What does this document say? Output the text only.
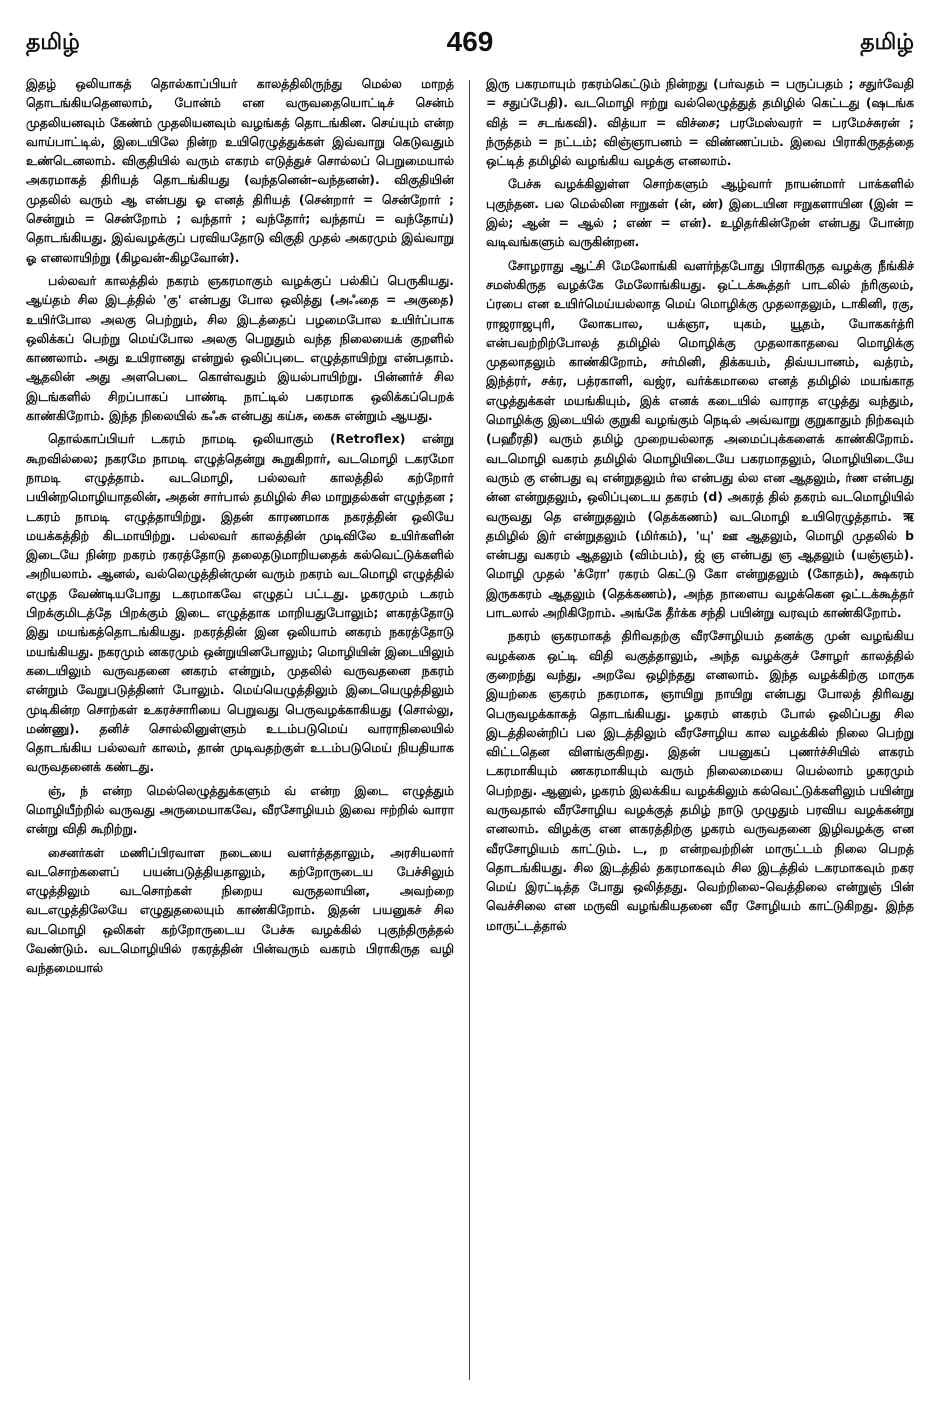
தமிழ்	469	தமிழ்

இதழ் ஒலியாகத் தொல்காப்பியர் காலத்திலிருந்து மெல்ல மாறத் தொடங்கியதெனலாம், போன்ம் என வருவதையொட்டிச் சென்ம் முதலியனவும் கேண்ம் முதலியனவும் வழங்கத் தொடங்கின. செய்யும் என்ற வாய்பாட்டில், இடையிலே நின்ற உயிரெழுத்துக்கள் இவ்வாறு கெடுவதும் உண்டெனலாம். விகுதியில் வரும் எகரம் எடுத்துச் சொல்லப் பெறுமையால் அகரமாகத் திரியத் தொடங்கியது (வந்தனென்–வந்தனன்). விகுதியின் முதலில் வரும் ஆ என்பது ஓ எனத் திரியத் (சென்றார் = சென்றோர் ; சென்றும் = சென்றோம் ; வந்தார் ; வந்தோர்; வந்தாய் = வந்தோய்) தொடங்கியது. இவ்வழக்குப் பரவியதோடு விகுதி முதல் அகரமும் இவ்வாறு ஓ எனலாயிற்று (கிழவன்-கிழவோன்).

பல்லவர் காலத்தில் நகரம் ஞகரமாகும் வழக்குப் பல்கிப் பெருகியது. ஆய்தம் சில இடத்தில் 'கு' என்பது போல ஒலித்து (அஃதை = அகுதை) உயிர்போல அலகு பெற்றும், சில இடத்தைப் பழமைபோல உயிர்ப்பாக ஒலிக்கப் பெற்று மெய்போல அலகு பெறுதும் வந்த நிலையைக் குறளில் காணலாம். அது உயிரானது என்றுல் ஒலிப்புடை எழுத்தாயிற்று என்பதாம். ஆதலின் அது அளபெடை கொள்வதும் இயல்பாயிற்று. பின்னர்ச் சில இடங்களில் சிறப்பாகப் பாண்டி நாட்டில் பகரமாக ஒலிக்கப்பெறக் காண்கிறோம். இந்த நிலையில் கஃசு என்பது கய்சு, கைசு என்றும் ஆயது.

தொல்காப்பியர் டகரம் நாமடி ஒலியாகும் (Retroflex) என்று கூறவில்லை; நகரமே நாமடி எழுத்தென்று கூறுகிறார், வடமொழி டகரமோ நாமடி எழுத்தாம். வடமொழி, பல்லவர் காலத்தில் கற்றோர் பயின்றமொழியாதலின், அதன் சார்பால் தமிழில் சில மாறுதல்கள் எழுந்தன ; டகரம் நாமடி எழுத்தாயிற்று. இதன் காரணமாக நகரத்தின் ஒலியே மயக்கத்திற் கிடமாயிற்று. பல்லவர் காலத்தின் முடிவிலே உயிர்களின் இடையே நின்ற றகரம் ரகரத்தோடு தலைதடுமாறியதைக் கல்வெட்டுக்களில் அறியலாம். ஆனல், வல்லெழுத்தின்முன் வரும் றகரம் வடமொழி எழுத்தில் எழுத வேண்டியபோது டகரமாகவே எழுதப் பட்டது. ழகரமும் டகரம் பிறக்குமிடத்தே பிறக்கும் இடை எழுத்தாக மாறியதுபோலும்; ளகரத்தோடு இது மயங்கத்தொடங்கியது. றகரத்தின் இன ஒலியாம் னகரம் நகரத்தோடு மயங்கியது. நகரமும் னகரமும் ஒன்றுயினபோலும்; மொழியின் இடையிலும் கடையிலும் வருவதனை னகரம் என்றும், முதலில் வருவதனை நகரம் என்றும் வேறுபடுத்தினர் போலும். மெய்யெழுத்திலும் இடையெழுத்திலும் முடிகின்ற சொற்கள் உகரச்சாரியை பெறுவது பெருவழக்காகியது (சொல்லு, மண்ணு). தனிச் சொல்லினுள்ளும் உடம்படுமெய் வாராநிலையில் தொடங்கிய பல்லவர் காலம், தான் முடிவதற்குள் உடம்படுமெய் நியதியாக வருவதனைக் கண்டது.

ஞ், ந் என்ற மெல்லெழுத்துக்களும் வ் என்ற இடை எழுத்தும் மொழியீற்றில் வருவது அருமையாகவே, வீரசோழியம் இவை ஈற்றில் வாரா என்று விதி கூறிற்று.

சைனர்கள் மணிப்பிரவாள நடையை வளர்த்ததாலும், அரசியலார் வடசொற்களைப் பயன்படுத்தியதாலும், கற்றோருடைய பேச்சிலும் எழுத்திலும் வடசொற்கள் நிறைய வருதலாயின, அவற்றை வடஎழுத்திலேயே எழுதுதலையும் காண்கிறோம். இதன் பயனுகச் சில வடமொழி ஒலிகள் கற்றோருடைய பேச்சு வழக்கில் புகுந்திருத்தல் வேண்டும். வடமொழியில் ரகரத்தின் பின்வரும் வகரம் பிராகிருத வழி வந்தமையால்

இரு பகரமாயும் ரகரம்கெட்டும் நின்றது (பர்வதம் = பருப்பதம் ; சதுர்வேதி = சதுப்பேதி). வடமொழி ஈற்று வல்லெழுத்துத் தமிழில் கெட்டது (ஷடங்க வித் = சடங்கவி). வித்யா = விச்சை; பரமேஸ்வரர் = பரமேச்சுரன் ; ந்ருத்தம் = நட்டம்; விஞ்ஞாபனம் = விண்ணப்பம். இவை பிராகிருதத்தை ஒட்டித் தமிழில் வழங்கிய வழக்கு எனலாம்.

பேச்சு வழக்கிலுள்ள சொற்களும் ஆழ்வார் நாயன்மார் பாக்களில் புகுந்தன. பல மெல்லின ஈறுகள் (ன், ண்) இடையின ஈறுகளாயின (இன் = இல்; ஆன் = ஆல் ; எண் = என்). உழிதர்கின்றேன் என்பது போன்ற வடிவங்களும் வருகின்றன.

சோழராது ஆட்சி மேலோங்கி வளர்ந்தபோது பிராகிருத வழக்கு நீங்கிச் சமஸ்கிருத வழக்கே மேலோங்கியது. ஒட்டக்கூத்தர் பாடலில் ந்ரிகுலம், ப்ரபை என உயிர்மெய்யல்லாத மெய் மொழிக்கு முதலாதலும், டாகினி, ரகு, ராஜராஜபுரி, லோகபால, யக்ஞா, யுகம், யூதம், யோககர்த்ரி என்பவற்றிற்போலத் தமிழில் மொழிக்கு முதலாகாதவை மொழிக்கு முதலாதலும் காண்கிறோம், சர்மினி, திக்கயம், திவ்யபானம், வத்ரம், இந்த்ரர், சக்ர, பத்ரகாளி, வஜ்ர, வர்க்கமாலை எனத் தமிழில் மயங்காத எழுத்துக்கள் மயங்கியும், இக் எனக் கடையில் வாராத எழுத்து வந்தும், மொழிக்கு இடையில் குறுகி வழங்கும் நெடில் அவ்வாறு குறுகாதும் நிற்கவும் (பஹீரதி) வரும் தமிழ் முறையல்லாத அமைப்புக்களைக் காண்கிறோம். வடமொழி வகரம் தமிழில் மொழியிடையே பகரமாதலும், மொழியிடையே வரும் கு என்பது வு என்றுதலும் ர்ல என்பது ல்ல என ஆதலும், ர்ண என்பது ன்ன என்றுதலும், ஒலிப்புடைய தகரம் (d) அகரத் தில் தகரம் வடமொழியில் வருவது தெ என்றுதலும் (தெக்கணம்) வடமொழி உயிரெழுத்தாம். ऋ தமிழில் இர் என்றுதலும் (மிர்கம்), 'யு' ஊ ஆதலும், மொழி முதலில் b என்பது வகரம் ஆதலும் (விம்பம்), ஜ் ஞ என்பது ஞ ஆதலும் (யஞ்ஞம்). மொழி முதல் 'க்ரோ' ரகரம் கெட்டு கோ என்றுதலும் (கோதம்), க்ஷகரம் இருககரம் ஆதலும் (தெக்கணம்), அந்த நாளைய வழக்கென ஒட்டக்கூத்தர் பாடலால் அறிகிறோம். அங்கே தீர்க்க சந்தி பயின்று வரவும் காண்கிறோம்.

நகரம் ஞகரமாகத் திரிவதற்கு வீரசோழியம் தனக்கு முன் வழங்கிய வழக்கை ஒட்டி விதி வகுத்தாலும், அந்த வழக்குச் சோழர் காலத்தில் குறைந்து வந்து, அறவே ஒழிந்தது எனலாம். இந்த வழக்கிற்கு மாருக இயற்கை ஞகரம் நகரமாக, ஞாயிறு நாயிறு என்பது போலத் திரிவது பெருவழக்காகத் தொடங்கியது. ழகரம் ளகரம் போல் ஒலிப்பது சில இடத்திலன்றிப் பல இடத்திலும் வீரசோழிய கால வழக்கில் நிலை பெற்று விட்டதென விளங்குகிறது. இதன் பயனுகப் புணர்ச்சியில் ளகரம் டகரமாகியும் ணகரமாகியும் வரும் நிலைமையை யெல்லாம் ழகரமும் பெற்றது. ஆனுல், ழகரம் இலக்கிய வழக்கிலும் கல்வெட்டுக்களிலும் பயின்று வருவதால் வீரசோழிய வழக்குத் தமிழ் நாடு முழுதும் பரவிய வழக்கன்று எனலாம். விழக்கு என ளகரத்திற்கு ழகரம் வருவதனை இழிவழக்கு என வீரசோழியம் காட்டும். ட, ற என்றவற்றின் மாருட்டம் நிலை பெறத் தொடங்கியது. சில இடத்தில் தகரமாகவும் சில இடத்தில் டகரமாகவும் றகர மெய் இரட்டித்த போது ஒலித்தது. வெற்றிலை–வெத்திலை என்றுஞ் பின் வெச்சிலை என மருவி வழங்கியதனை வீர சோழியம் காட்டுகிறது. இந்த மாருட்டத்தால்
